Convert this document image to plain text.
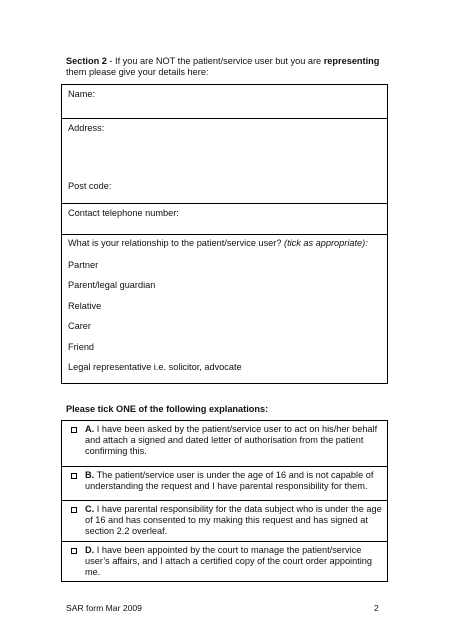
Section 2 - If you are NOT the patient/service user but you are representing them please give your details here:
Name:
Address:
Post code:
Contact telephone number:
What is your relationship to the patient/service user? (tick as appropriate):
Partner
Parent/legal guardian
Relative
Carer
Friend
Legal representative i.e. solicitor, advocate
Please tick ONE of the following explanations:
A. I have been asked by the patient/service user to act on his/her behalf and attach a signed and dated letter of authorisation from the patient confirming this.
B. The patient/service user is under the age of 16 and is not capable of understanding the request and I have parental responsibility for them.
C. I have parental responsibility for the data subject who is under the age of 16 and has consented to my making this request and has signed at section 2.2 overleaf.
D. I have been appointed by the court to manage the patient/service user’s affairs, and I attach a certified copy of the court order appointing me.
SAR form Mar 2009	2
